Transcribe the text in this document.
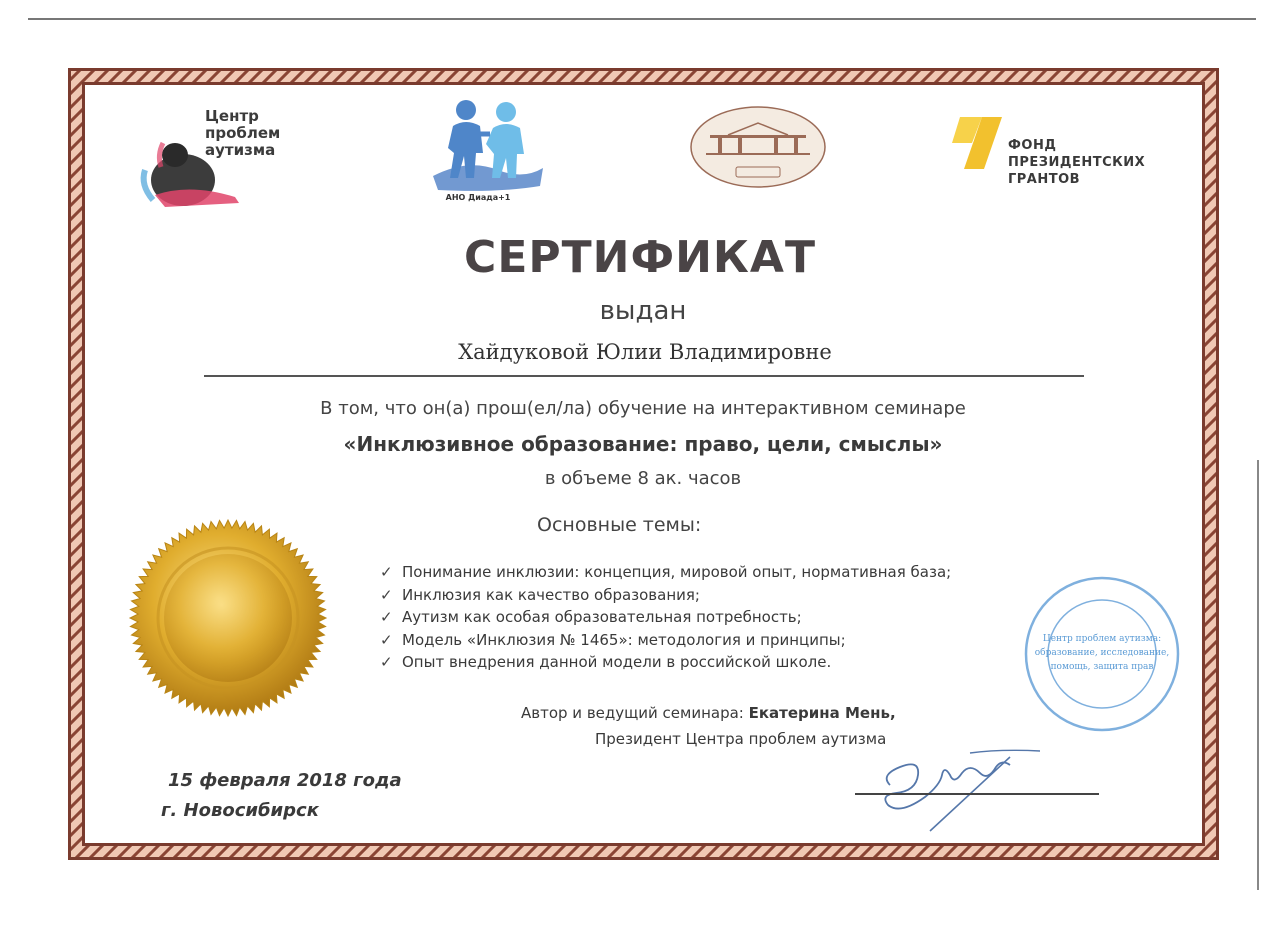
Центр
проблем
аутизма
АНО Диада+1
ФОНД
ПРЕЗИДЕНТСКИХ
ГРАНТОВ
СЕРТИФИКАТ
выдан
Хайдуковой Юлии Владимировне
В том, что он(а) прош(ел/ла) обучение на интерактивном семинаре
«Инклюзивное образование: право, цели, смыслы»
в объеме 8 ак. часов
Основные темы:
✓ Понимание инклюзии: концепция, мировой опыт, нормативная база;
✓ Инклюзия как качество образования;
✓ Аутизм как особая образовательная потребность;
✓ Модель «Инклюзия № 1465»: методология и принципы;
✓ Опыт внедрения данной модели в российской школе.
Центр проблем аутизма:
образование, исследование,
помощь, защита прав
Автор и ведущий семинара: Екатерина Мень,
Президент Центра проблем аутизма
15 февраля 2018 года
г. Новосибирск
